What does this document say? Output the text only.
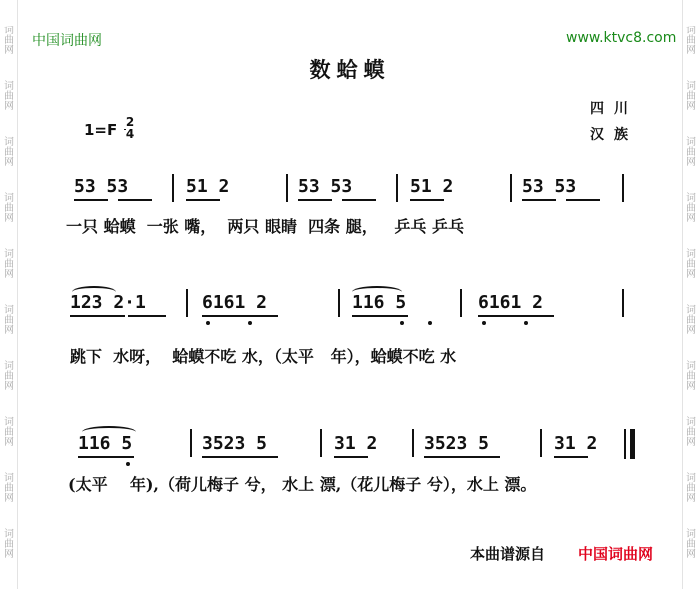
词
曲
网
词
曲
网
词
曲
网
词
曲
网
词
曲
网
词
曲
网
词
曲
网
词
曲
网
词
曲
网
词
曲
网
词
曲
网
词
曲
网
词
曲
网
词
曲
网
词
曲
网
词
曲
网
词
曲
网
词
曲
网
词
曲
网
词
曲
网
中国词曲网	www.ktvc8.com
数蛤蟆
1=F 2
4
四川
汉族
53 53	51 2	53 53	51 2	53 53
一只 蛤蟆  一张 嘴，  两只 眼睛  四条 腿，   乒乓 乒乓
123 2·1	6161 2	116 5	6161 2
跳下  水呀，  蛤蟆不吃 水，（太平   年），蛤蟆不吃 水
116 5	3523 5	31 2	3523 5	31 2
(太平    年),（荷儿梅子 兮， 水上 漂,（花儿梅子 兮），水上 漂。
本曲谱源自 中国词曲网
